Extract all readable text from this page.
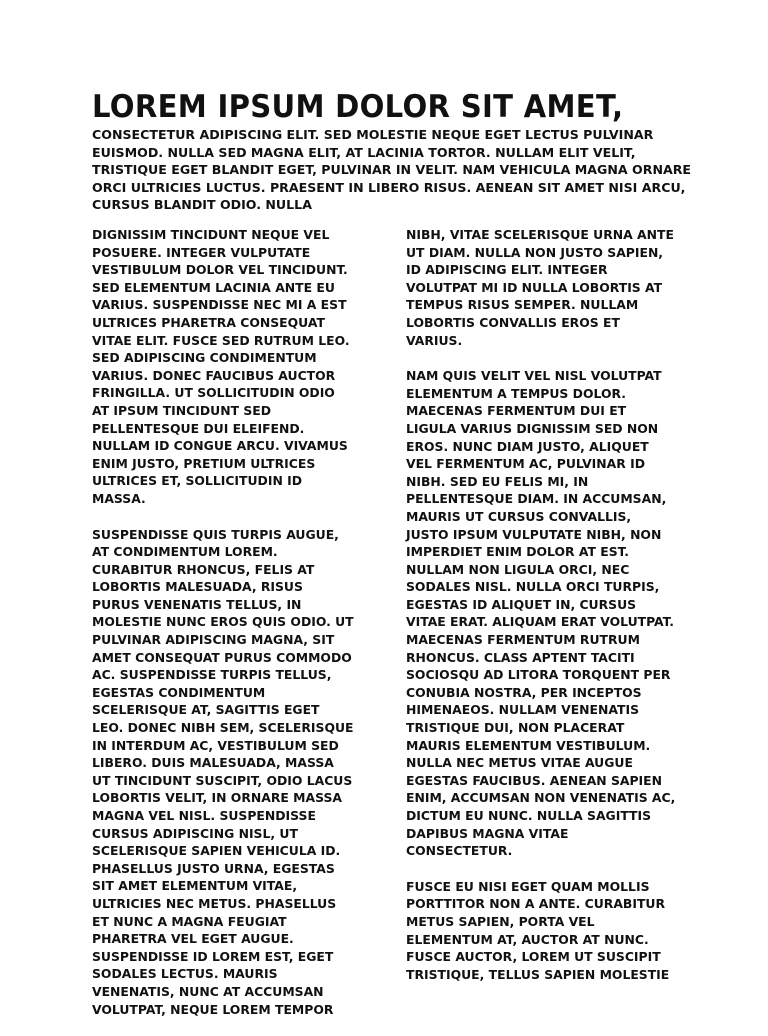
LOREM IPSUM DOLOR SIT AMET,

CONSECTETUR ADIPISCING ELIT. SED MOLESTIE NEQUE EGET LECTUS PULVINAR EUISMOD. NULLA SED MAGNA ELIT, AT LACINIA TORTOR. NULLAM ELIT VELIT, TRISTIQUE EGET BLANDIT EGET, PULVINAR IN VELIT. NAM VEHICULA MAGNA ORNARE ORCI ULTRICIES LUCTUS. PRAESENT IN LIBERO RISUS. AENEAN SIT AMET NISI ARCU, CURSUS BLANDIT ODIO. NULLA

DIGNISSIM TINCIDUNT NEQUE VEL POSUERE. INTEGER VULPUTATE VESTIBULUM DOLOR VEL TINCIDUNT. SED ELEMENTUM LACINIA ANTE EU VARIUS. SUSPENDISSE NEC MI A EST ULTRICES PHARETRA CONSEQUAT VITAE ELIT. FUSCE SED RUTRUM LEO. SED ADIPISCING CONDIMENTUM VARIUS. DONEC FAUCIBUS AUCTOR FRINGILLA. UT SOLLICITUDIN ODIO AT IPSUM TINCIDUNT SED PELLENTESQUE DUI ELEIFEND. NULLAM ID CONGUE ARCU. VIVAMUS ENIM JUSTO, PRETIUM ULTRICES ULTRICES ET, SOLLICITUDIN ID MASSA.

SUSPENDISSE QUIS TURPIS AUGUE, AT CONDIMENTUM LOREM. CURABITUR RHONCUS, FELIS AT LOBORTIS MALESUADA, RISUS PURUS VENENATIS TELLUS, IN MOLESTIE NUNC EROS QUIS ODIO. UT PULVINAR ADIPISCING MAGNA, SIT AMET CONSEQUAT PURUS COMMODO AC. SUSPENDISSE TURPIS TELLUS, EGESTAS CONDIMENTUM SCELERISQUE AT, SAGITTIS EGET LEO. DONEC NIBH SEM, SCELERISQUE IN INTERDUM AC, VESTIBULUM SED LIBERO. DUIS MALESUADA, MASSA UT TINCIDUNT SUSCIPIT, ODIO LACUS LOBORTIS VELIT, IN ORNARE MASSA MAGNA VEL NISL. SUSPENDISSE CURSUS ADIPISCING NISL, UT SCELERISQUE SAPIEN VEHICULA ID. PHASELLUS JUSTO URNA, EGESTAS SIT AMET ELEMENTUM VITAE, ULTRICIES NEC METUS. PHASELLUS ET NUNC A MAGNA FEUGIAT PHARETRA VEL EGET AUGUE. SUSPENDISSE ID LOREM EST, EGET SODALES LECTUS. MAURIS VENENATIS, NUNC AT ACCUMSAN VOLUTPAT, NEQUE LOREM TEMPOR

NIBH, VITAE SCELERISQUE URNA ANTE UT DIAM. NULLA NON JUSTO SAPIEN, ID ADIPISCING ELIT. INTEGER VOLUTPAT MI ID NULLA LOBORTIS AT TEMPUS RISUS SEMPER. NULLAM LOBORTIS CONVALLIS EROS ET VARIUS.

NAM QUIS VELIT VEL NISL VOLUTPAT ELEMENTUM A TEMPUS DOLOR. MAECENAS FERMENTUM DUI ET LIGULA VARIUS DIGNISSIM SED NON EROS. NUNC DIAM JUSTO, ALIQUET VEL FERMENTUM AC, PULVINAR ID NIBH. SED EU FELIS MI, IN PELLENTESQUE DIAM. IN ACCUMSAN, MAURIS UT CURSUS CONVALLIS, JUSTO IPSUM VULPUTATE NIBH, NON IMPERDIET ENIM DOLOR AT EST. NULLAM NON LIGULA ORCI, NEC SODALES NISL. NULLA ORCI TURPIS, EGESTAS ID ALIQUET IN, CURSUS VITAE ERAT. ALIQUAM ERAT VOLUTPAT. MAECENAS FERMENTUM RUTRUM RHONCUS. CLASS APTENT TACITI SOCIOSQU AD LITORA TORQUENT PER CONUBIA NOSTRA, PER INCEPTOS HIMENAEOS. NULLAM VENENATIS TRISTIQUE DUI, NON PLACERAT MAURIS ELEMENTUM VESTIBULUM. NULLA NEC METUS VITAE AUGUE EGESTAS FAUCIBUS. AENEAN SAPIEN ENIM, ACCUMSAN NON VENENATIS AC, DICTUM EU NUNC. NULLA SAGITTIS DAPIBUS MAGNA VITAE CONSECTETUR.

FUSCE EU NISI EGET QUAM MOLLIS PORTTITOR NON A ANTE. CURABITUR METUS SAPIEN, PORTA VEL ELEMENTUM AT, AUCTOR AT NUNC. FUSCE AUCTOR, LOREM UT SUSCIPIT TRISTIQUE, TELLUS SAPIEN MOLESTIE
